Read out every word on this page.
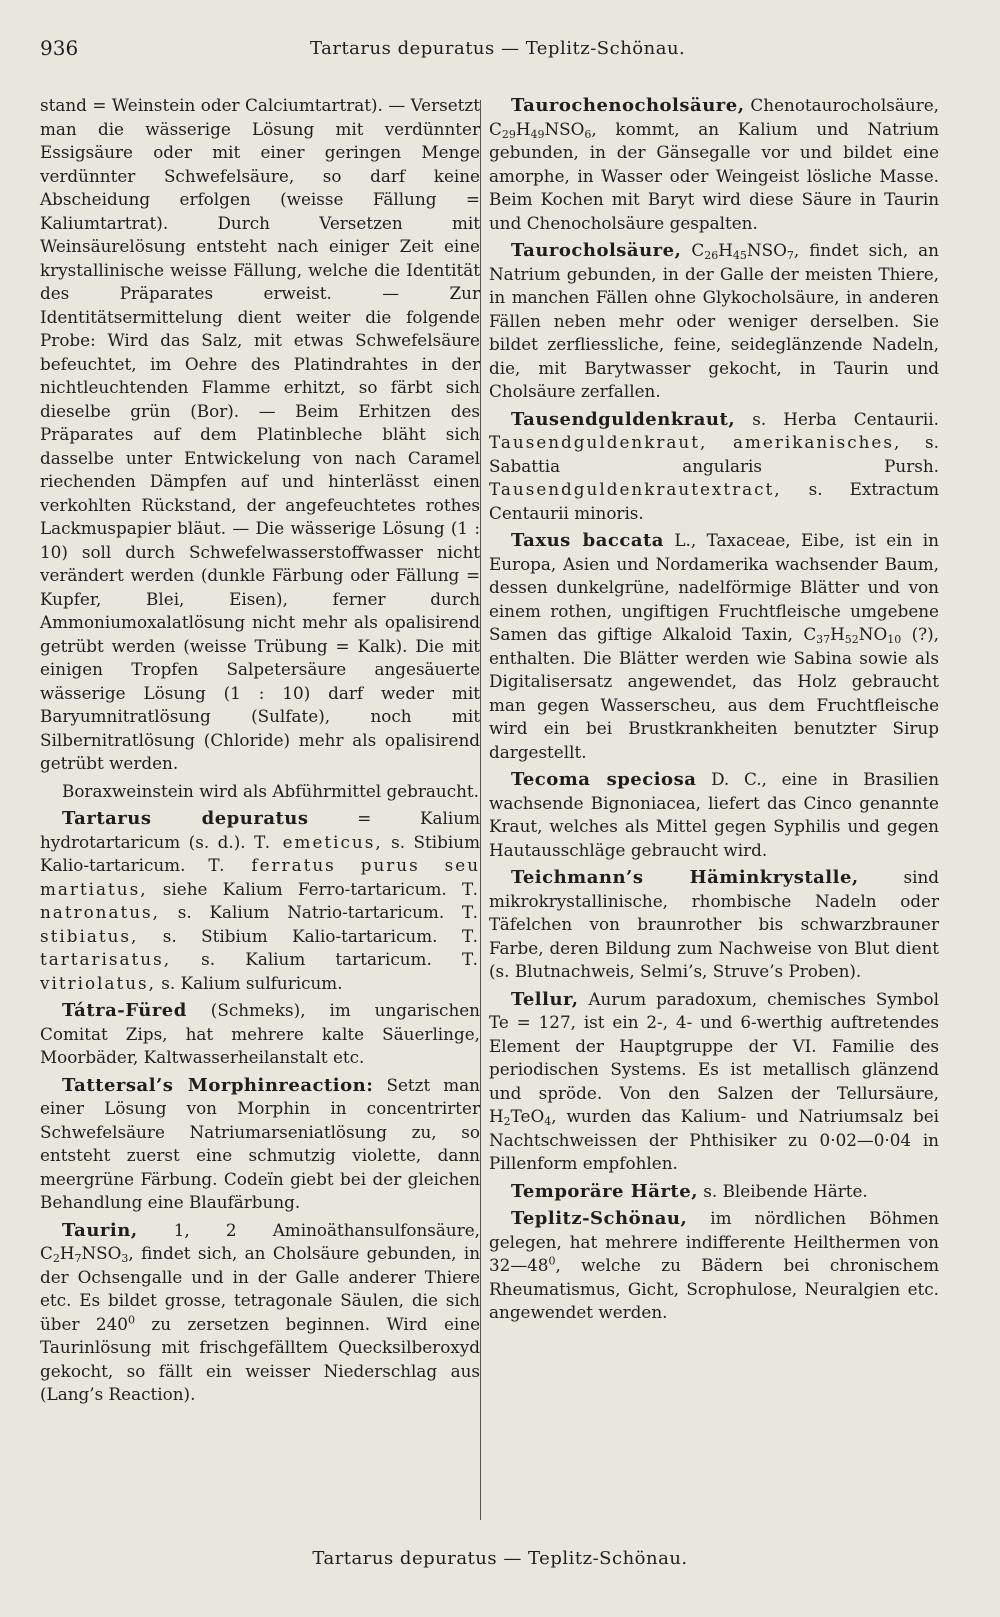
936	Tartarus depuratus — Teplitz-Schönau.

stand = Weinstein oder Calciumtartrat). — Versetzt man die wässerige Lösung mit verdünnter Essigsäure oder mit einer geringen Menge verdünnter Schwefelsäure, so darf keine Abscheidung erfolgen (weisse Fällung = Kaliumtartrat). Durch Versetzen mit Weinsäurelösung entsteht nach einiger Zeit eine krystallinische weisse Fällung, welche die Identität des Präparates erweist. — Zur Identitätsermittelung dient weiter die folgende Probe: Wird das Salz, mit etwas Schwefelsäure befeuchtet, im Oehre des Platindrahtes in der nichtleuchtenden Flamme erhitzt, so färbt sich dieselbe grün (Bor). — Beim Erhitzen des Präparates auf dem Platinbleche bläht sich dasselbe unter Entwickelung von nach Caramel riechenden Dämpfen auf und hinterlässt einen verkohlten Rückstand, der angefeuchtetes rothes Lackmuspapier bläut. — Die wässerige Lösung (1 : 10) soll durch Schwefelwasserstoffwasser nicht verändert werden (dunkle Färbung oder Fällung = Kupfer, Blei, Eisen), ferner durch Ammoniumoxalatlösung nicht mehr als opalisirend getrübt werden (weisse Trübung = Kalk). Die mit einigen Tropfen Salpetersäure angesäuerte wässerige Lösung (1 : 10) darf weder mit Baryumnitratlösung (Sulfate), noch mit Silbernitratlösung (Chloride) mehr als opalisirend getrübt werden.

Boraxweinstein wird als Abführmittel gebraucht.

Tartarus depuratus = Kalium hydrotartaricum (s. d.). T. emeticus, s. Stibium Kalio-tartaricum. T. ferratus purus seu martiatus, siehe Kalium Ferro-tartaricum. T. natronatus, s. Kalium Natrio-tartaricum. T. stibiatus, s. Stibium Kalio-tartaricum. T. tartarisatus, s. Kalium tartaricum. T. vitriolatus, s. Kalium sulfuricum.

Tátra-Füred (Schmeks), im ungarischen Comitat Zips, hat mehrere kalte Säuerlinge, Moorbäder, Kaltwasserheilanstalt etc.

Tattersal’s Morphinreaction: Setzt man einer Lösung von Morphin in concentrirter Schwefelsäure Natriumarseniatlösung zu, so entsteht zuerst eine schmutzig violette, dann meergrüne Färbung. Codeïn giebt bei der gleichen Behandlung eine Blaufärbung.

Taurin, 1, 2 Aminoäthansulfonsäure, $C_2H_7NSO_3$, findet sich, an Cholsäure gebunden, in der Ochsengalle und in der Galle anderer Thiere etc. Es bildet grosse, tetragonale Säulen, die sich über $240^0$ zu zersetzen beginnen. Wird eine Taurinlösung mit frischgefälltem Quecksilberoxyd gekocht, so fällt ein weisser Niederschlag aus (Lang’s Reaction).

Taurochenocholsäure, Chenotaurocholsäure, $C_{29}H_{49}NSO_6$, kommt, an Kalium und Natrium gebunden, in der Gänsegalle vor und bildet eine amorphe, in Wasser oder Weingeist lösliche Masse. Beim Kochen mit Baryt wird diese Säure in Taurin und Chenocholsäure gespalten.

Taurocholsäure, $C_{26}H_{45}NSO_7$, findet sich, an Natrium gebunden, in der Galle der meisten Thiere, in manchen Fällen ohne Glykocholsäure, in anderen Fällen neben mehr oder weniger derselben. Sie bildet zerfliessliche, feine, seideglänzende Nadeln, die, mit Barytwasser gekocht, in Taurin und Cholsäure zerfallen.

Tausendguldenkraut, s. Herba Centaurii. Tausendguldenkraut, amerikanisches, s. Sabattia angularis Pursh. Tausendguldenkrautextract, s. Extractum Centaurii minoris.

Taxus baccata L., Taxaceae, Eibe, ist ein in Europa, Asien und Nordamerika wachsender Baum, dessen dunkelgrüne, nadelförmige Blätter und von einem rothen, ungiftigen Fruchtfleische umgebene Samen das giftige Alkaloid Taxin, $C_{37}H_{52}NO_{10}$ (?), enthalten. Die Blätter werden wie Sabina sowie als Digitalisersatz angewendet, das Holz gebraucht man gegen Wasserscheu, aus dem Fruchtfleische wird ein bei Brustkrankheiten benutzter Sirup dargestellt.

Tecoma speciosa D. C., eine in Brasilien wachsende Bignoniacea, liefert das Cinco genannte Kraut, welches als Mittel gegen Syphilis und gegen Hautausschläge gebraucht wird.

Teichmann’s Häminkrystalle, sind mikrokrystallinische, rhombische Nadeln oder Täfelchen von braunrother bis schwarzbrauner Farbe, deren Bildung zum Nachweise von Blut dient (s. Blutnachweis, Selmi’s, Struve’s Proben).

Tellur, Aurum paradoxum, chemisches Symbol Te = 127, ist ein 2-, 4- und 6-werthig auftretendes Element der Hauptgruppe der VI. Familie des periodischen Systems. Es ist metallisch glänzend und spröde. Von den Salzen der Tellursäure, $H_2TeO_4$, wurden das Kalium- und Natriumsalz bei Nachtschweissen der Phthisiker zu 0·02—0·04 in Pillenform empfohlen.

Temporäre Härte, s. Bleibende Härte.

Teplitz-Schönau, im nördlichen Böhmen gelegen, hat mehrere indifferente Heilthermen von $32—48^0$, welche zu Bädern bei chronischem Rheumatismus, Gicht, Scrophulose, Neuralgien etc. angewendet werden.

Tartarus depuratus — Teplitz-Schönau.
